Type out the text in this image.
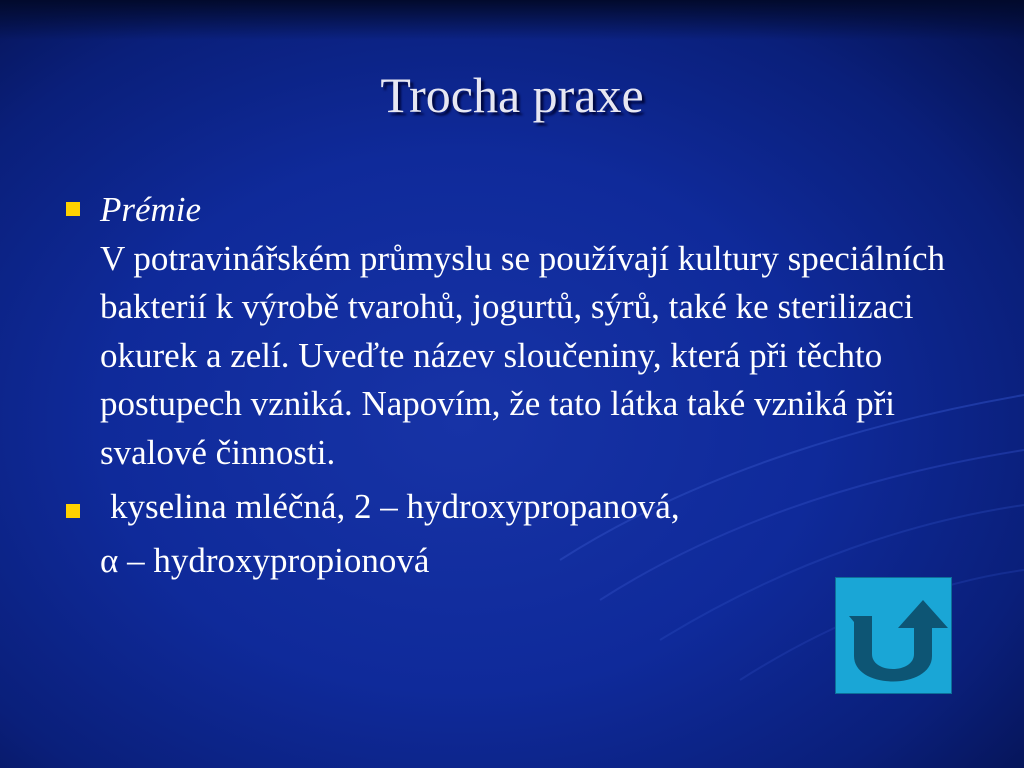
Trocha praxe
Prémie
V potravinářském průmyslu se používají kultury speciálních bakterií k výrobě tvarohů, jogurtů, sýrů, také ke sterilizaci okurek a zelí. Uveďte název sloučeniny, která při těchto postupech vzniká. Napovím, že tato látka také vzniká při svalové činnosti.
kyselina mléčná, 2 – hydroxypropanová,
α – hydroxypropionová
